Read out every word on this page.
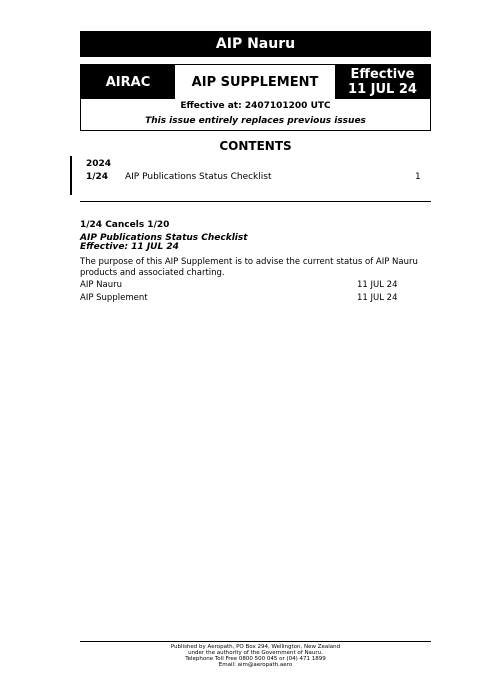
AIP Nauru
AIRAC	AIP SUPPLEMENT	Effective
11 JUL 24
Effective at: 2407101200 UTC
This issue entirely replaces previous issues
CONTENTS
2024
1/24 AIP Publications Status Checklist	1
1/24 Cancels 1/20
AIP Publications Status Checklist
Effective: 11 JUL 24
The purpose of this AIP Supplement is to advise the current status of AIP Nauru products and associated charting.
AIP Nauru	11 JUL 24
AIP Supplement	11 JUL 24
Published by Aeropath, PO Box 294, Wellington, New Zealand
under the authority of the Government of Nauru.
Telephone Toll Free 0800 500 045 or (04) 471 1899
Email: aim@aeropath.aero
